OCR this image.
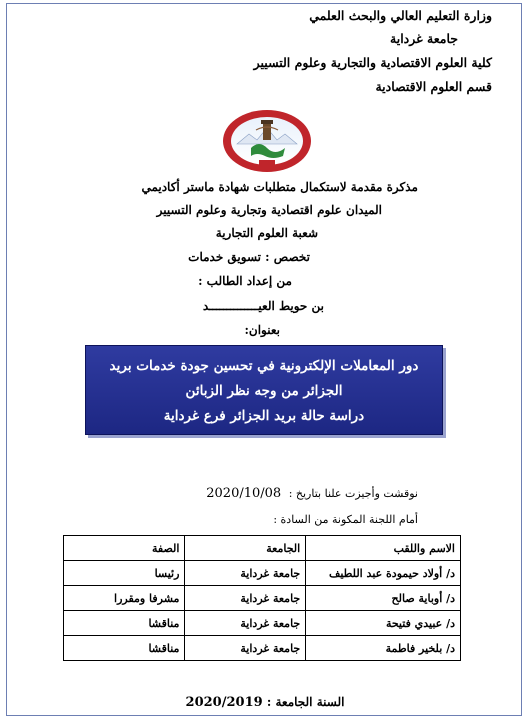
وزارة التعليم العالي والبحث العلمي
جامعة غرداية
كلية العلوم الاقتصادية والتجارية وعلوم التسيير
قسم العلوم الاقتصادية
مذكرة مقدمة لاستكمال متطلبات شهادة ماستر أكاديمي
الميدان علوم اقتصادية وتجارية وعلوم التسيير
شعبة العلوم التجارية
تخصص : تسويق خدمات
من إعداد الطالب :
بن حويط العيــــــــــــــد
بعنوان:
دور المعاملات الإلكترونية في تحسين جودة خدمات بريد
الجزائر من وجه نظر الزبائن
دراسة حالة بريد الجزائر فرع غرداية
نوقشت وأجيزت علنا بتاريخ : 2020/10/08
أمام اللجنة المكونة من السادة :
الاسم واللقب	الجامعة	الصفة
د/ أولاد حيمودة عبد اللطيف	جامعة غرداية	رئيسا
د/ أوباية صالح	جامعة غرداية	مشرفا ومقررا
د/ عبيدي فتيحة	جامعة غرداية	مناقشا
د/ بلخير فاطمة	جامعة غرداية	مناقشا
السنة الجامعة : 2020/2019
